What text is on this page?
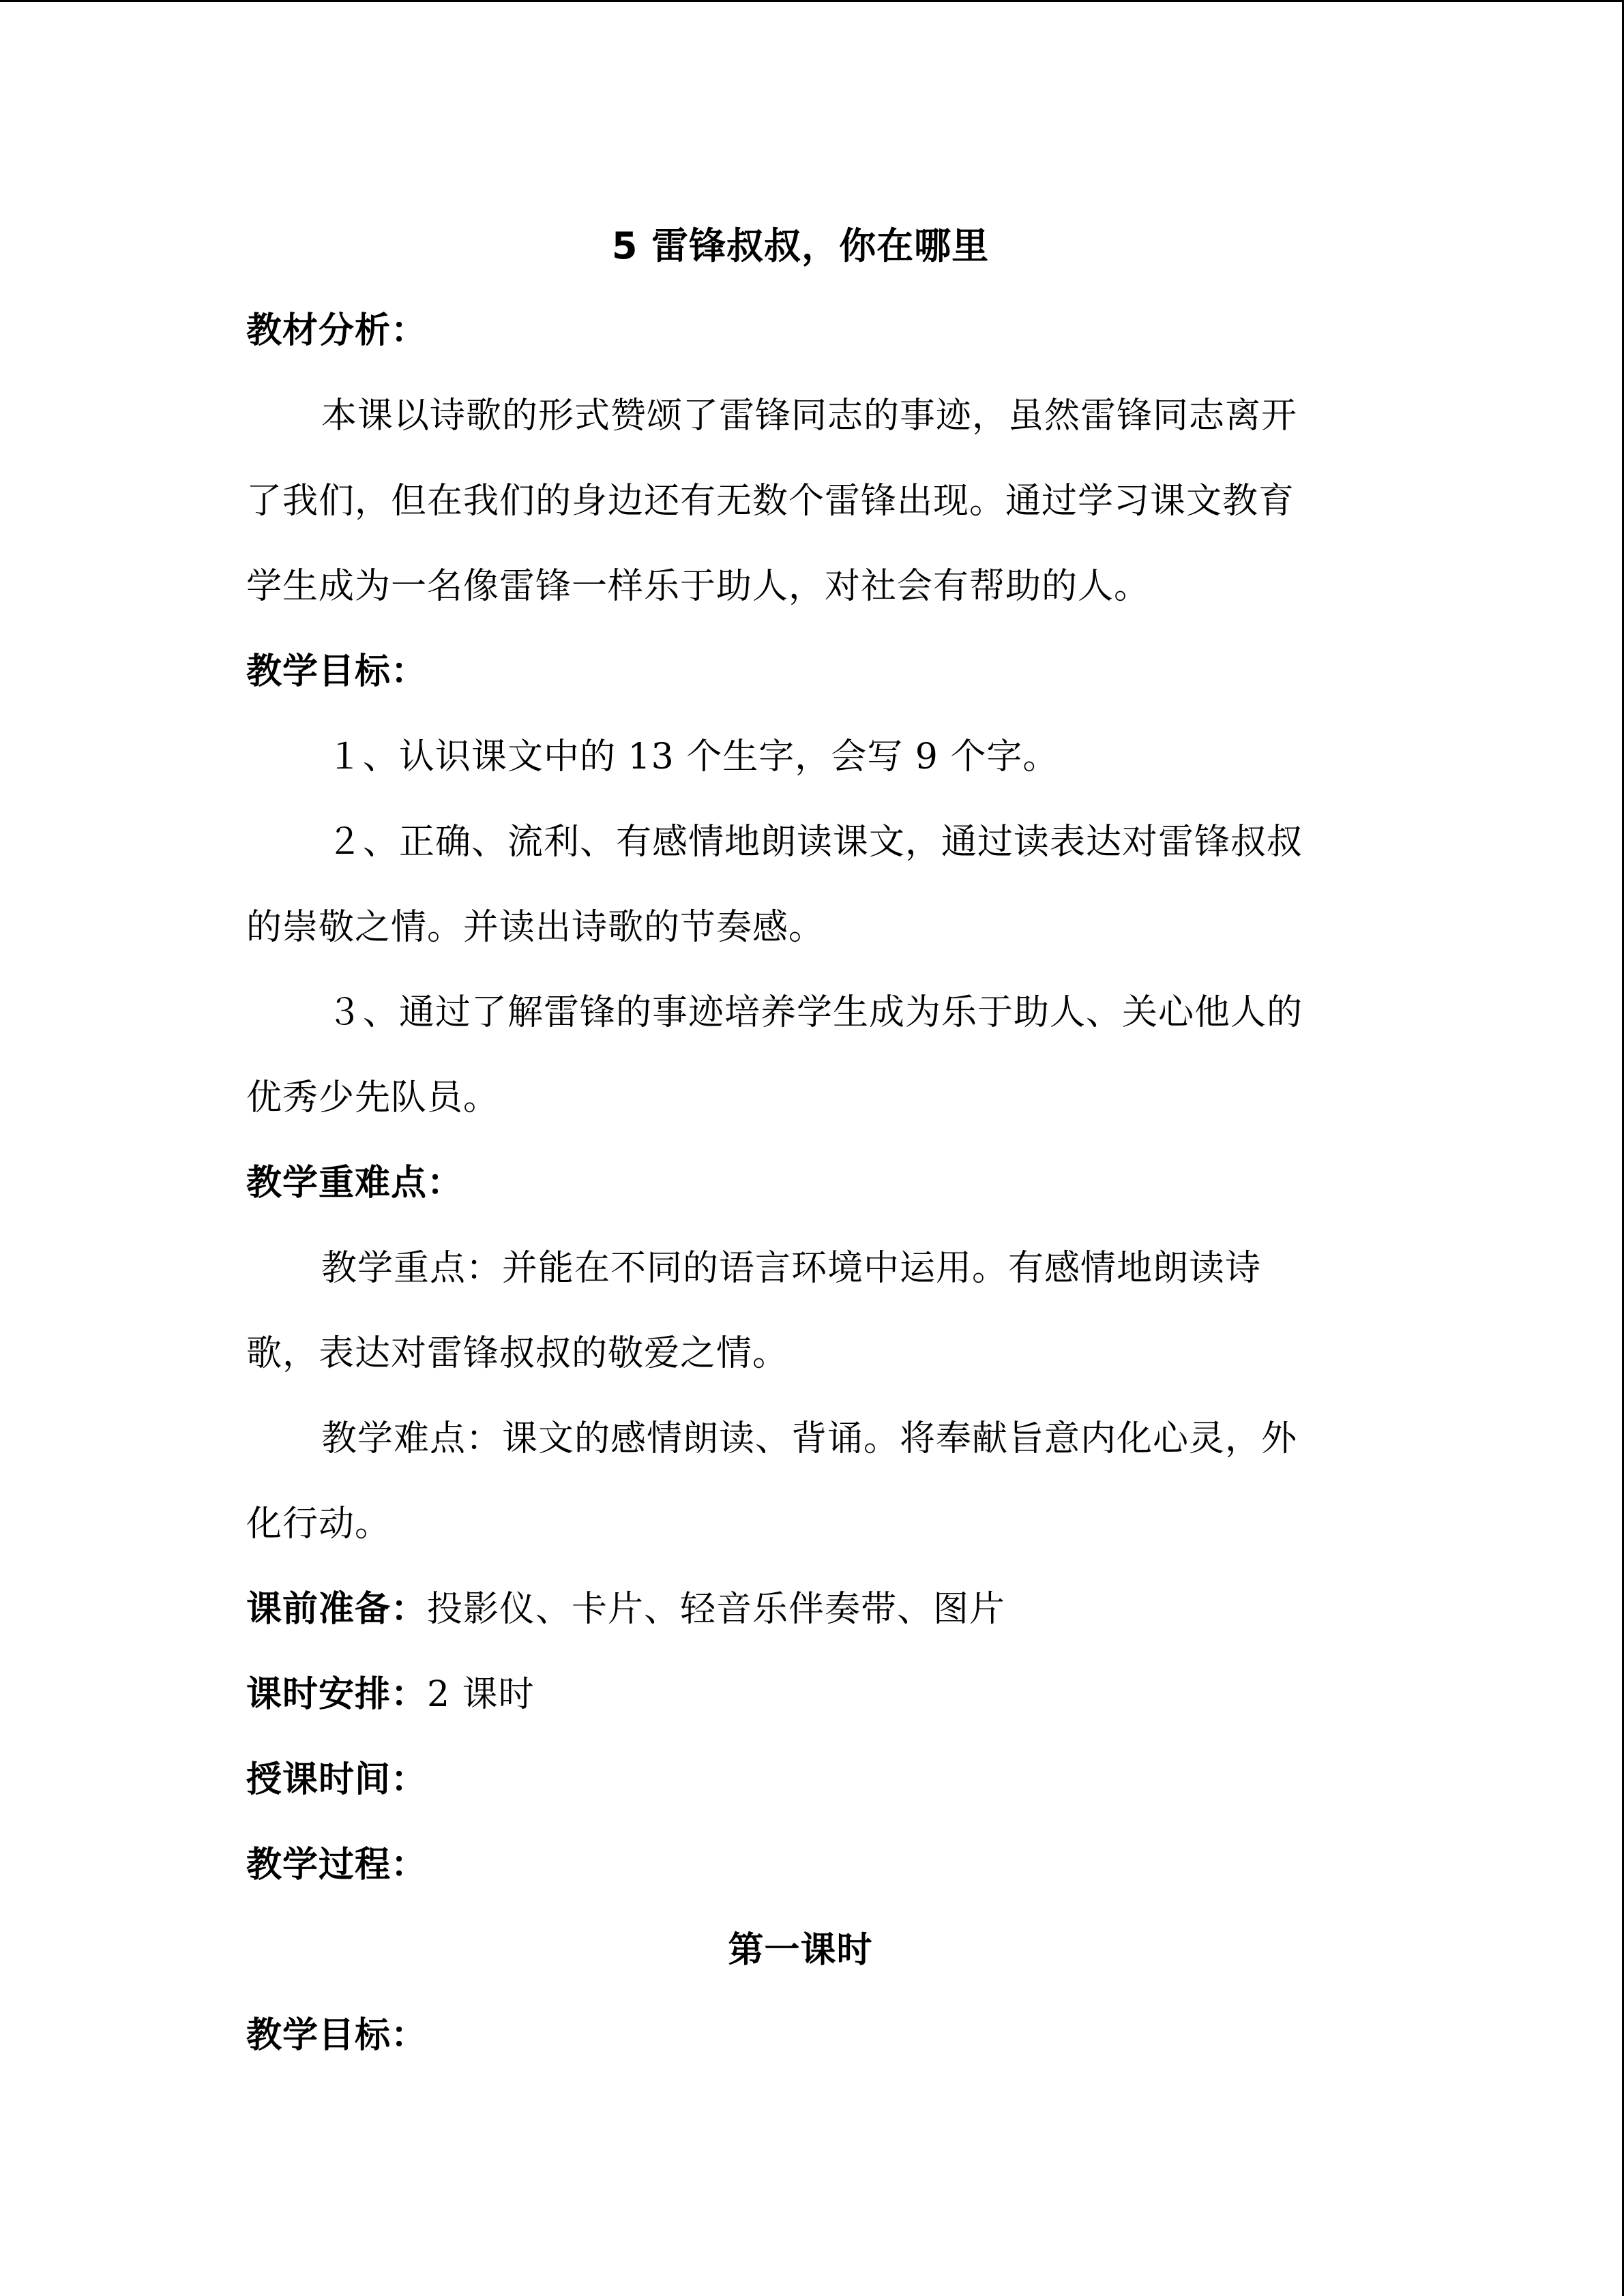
5 雷锋叔叔，你在哪里
教材分析：
本课以诗歌的形式赞颂了雷锋同志的事迹，虽然雷锋同志离开
了我们，但在我们的身边还有无数个雷锋出现。通过学习课文教育
学生成为一名像雷锋一样乐于助人，对社会有帮助的人。
教学目标：
１、认识课文中的 13 个生字，会写 9 个字。
２、正确、流利、有感情地朗读课文，通过读表达对雷锋叔叔
的崇敬之情。并读出诗歌的节奏感。
３、通过了解雷锋的事迹培养学生成为乐于助人、关心他人的
优秀少先队员。
教学重难点：
教学重点：并能在不同的语言环境中运用。有感情地朗读诗
歌，表达对雷锋叔叔的敬爱之情。
教学难点：课文的感情朗读、背诵。将奉献旨意内化心灵，外
化行动。
课前准备：投影仪、卡片、轻音乐伴奏带、图片
课时安排：2 课时
授课时间：
教学过程：
第一课时
教学目标：
